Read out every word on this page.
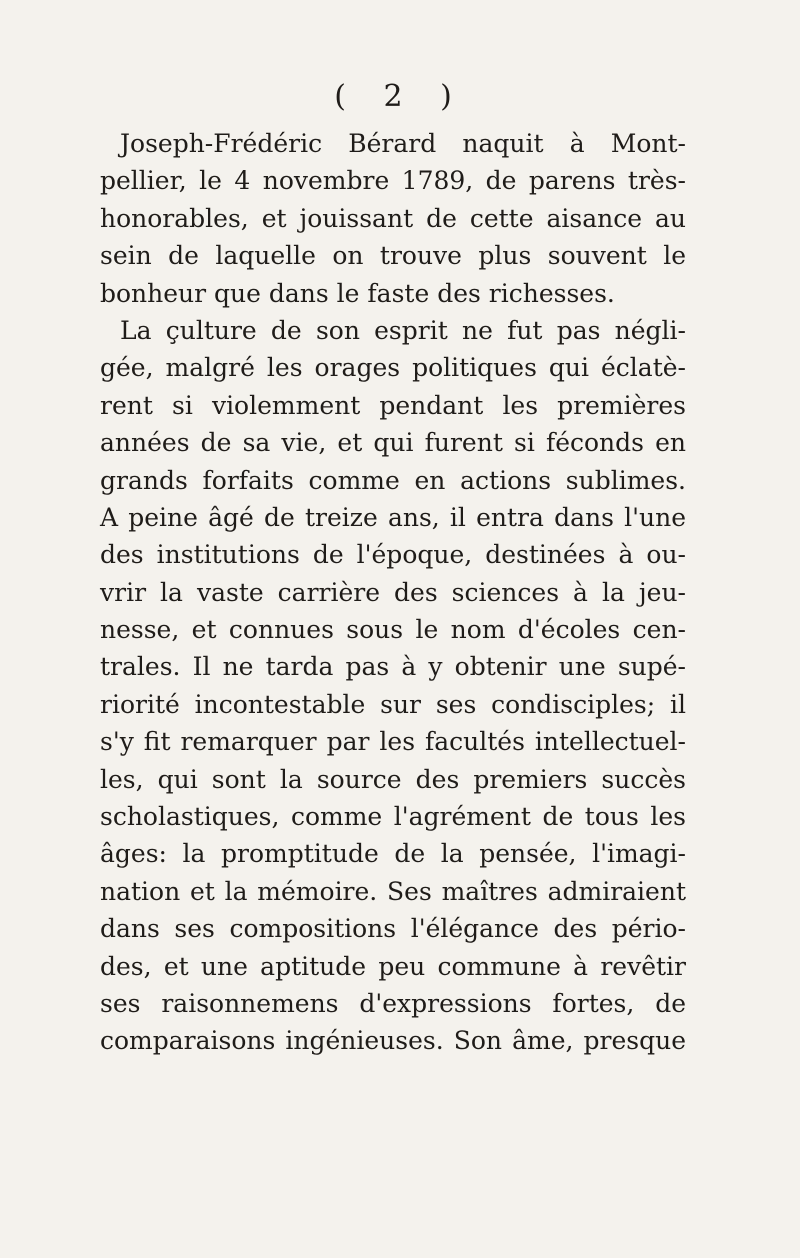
( 2 )
Joseph-Frédéric Bérard naquit à Mont-
pellier, le 4 novembre 1789, de parens très-
honorables, et jouissant de cette aisance au
sein de laquelle on trouve plus souvent le
bonheur que dans le faste des richesses.
La çulture de son esprit ne fut pas négli-
gée, malgré les orages politiques qui éclatè-
rent si violemment pendant les premières
années de sa vie, et qui furent si féconds en
grands forfaits comme en actions sublimes.
A peine âgé de treize ans, il entra dans l'une
des institutions de l'époque, destinées à ou-
vrir la vaste carrière des sciences à la jeu-
nesse, et connues sous le nom d'écoles cen-
trales. Il ne tarda pas à y obtenir une supé-
riorité incontestable sur ses condisciples; il
s'y fit remarquer par les facultés intellectuel-
les, qui sont la source des premiers succès
scholastiques, comme l'agrément de tous les
âges: la promptitude de la pensée, l'imagi-
nation et la mémoire. Ses maîtres admiraient
dans ses compositions l'élégance des pério-
des, et une aptitude peu commune à revêtir
ses raisonnemens d'expressions fortes, de
comparaisons ingénieuses. Son âme, presque
